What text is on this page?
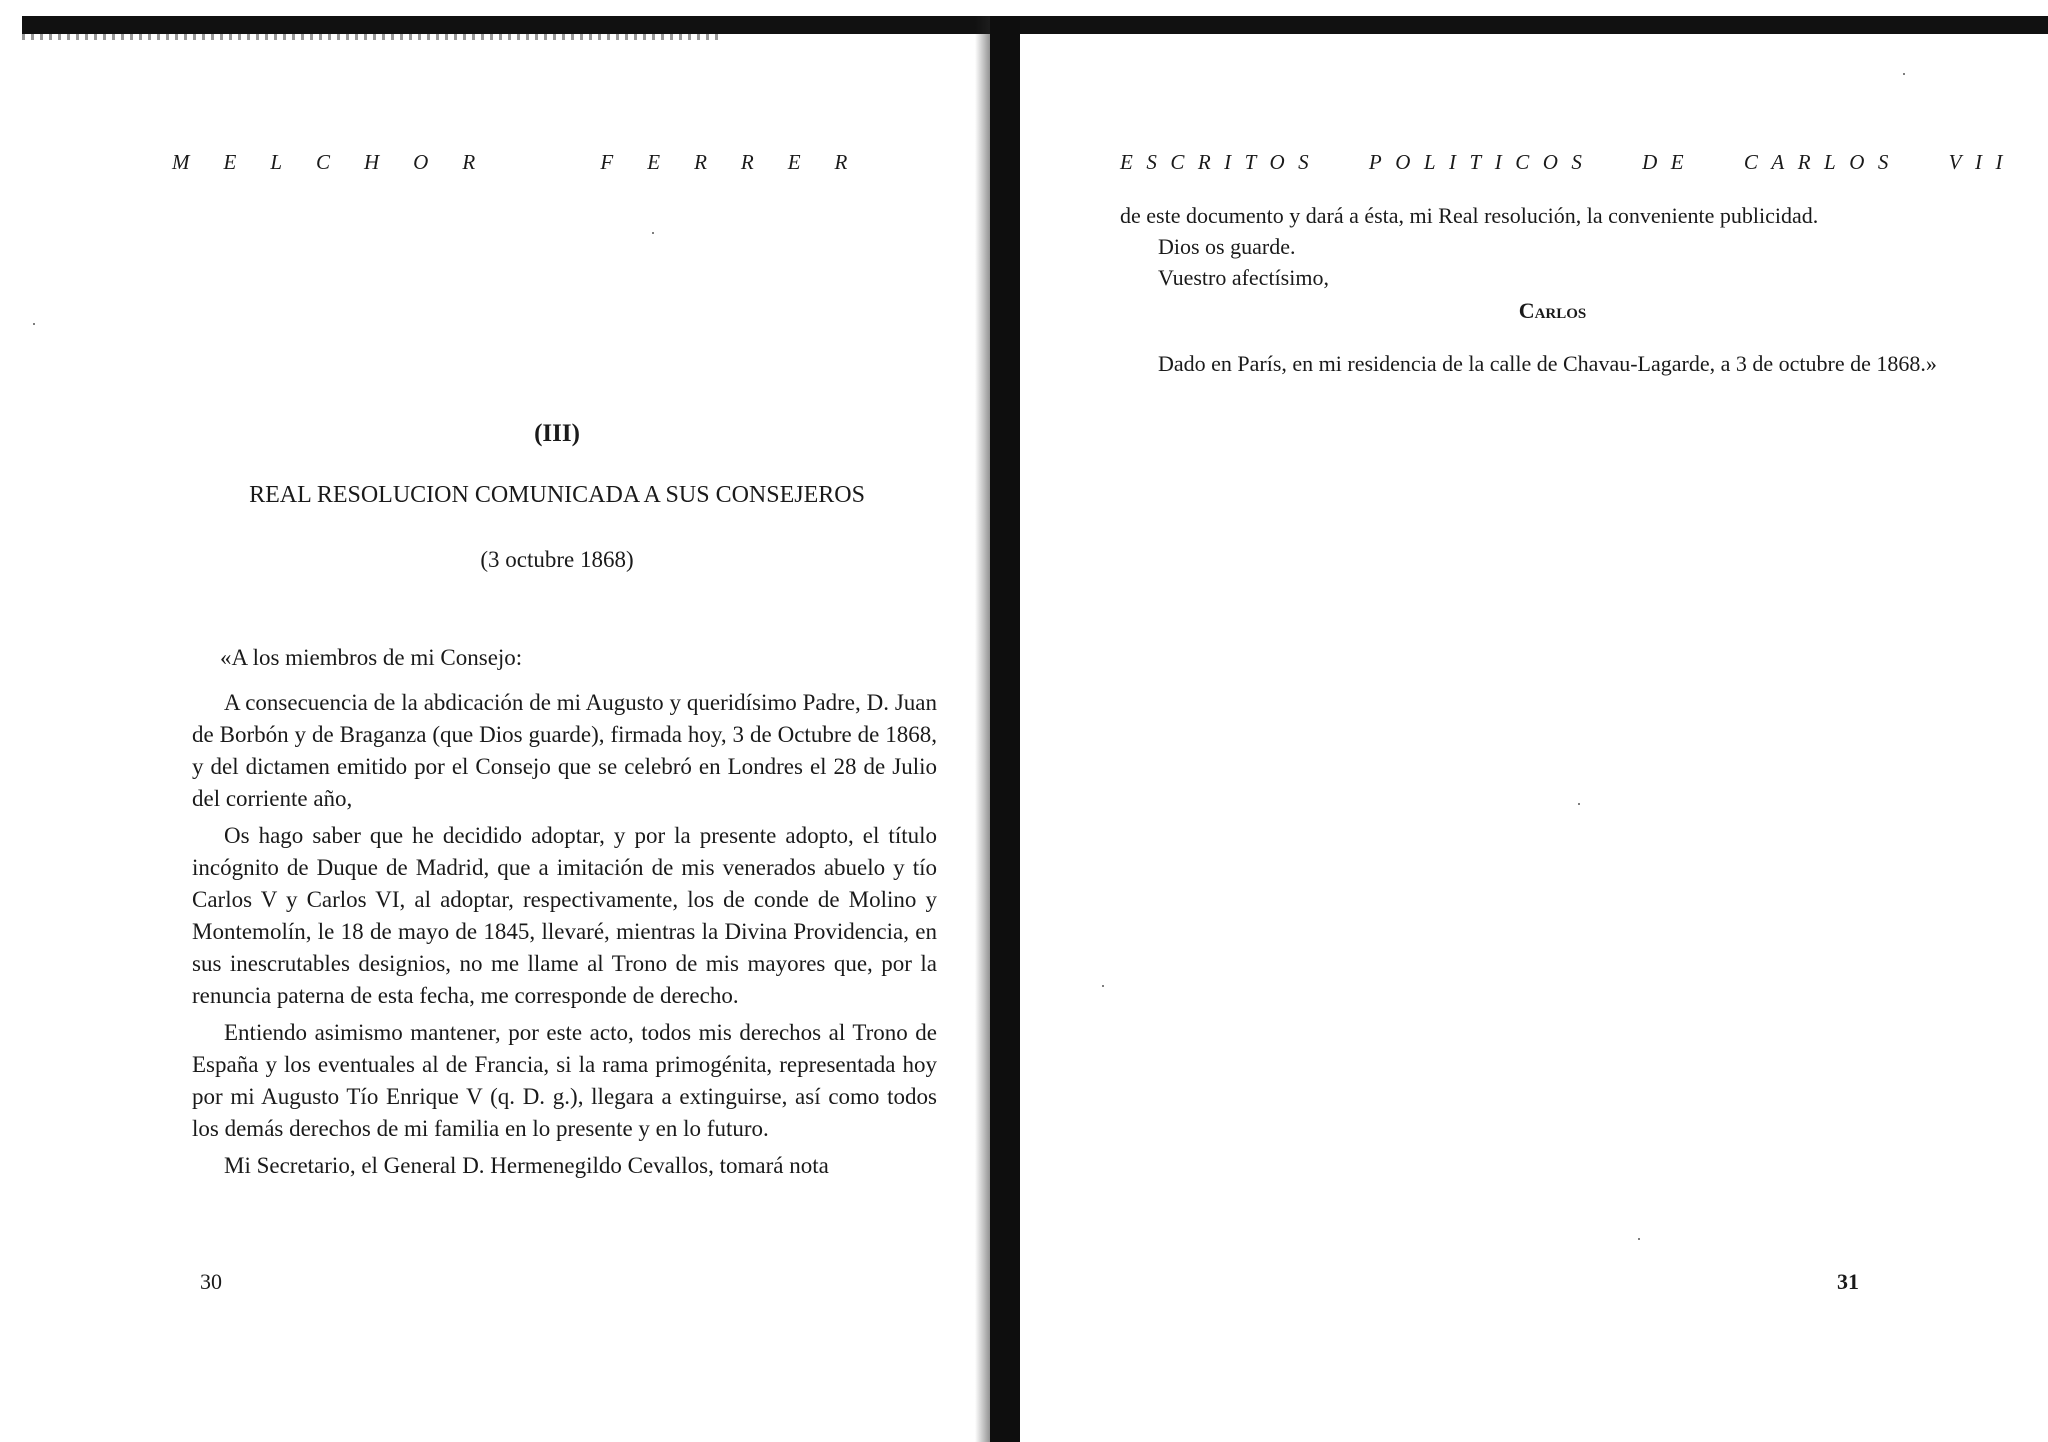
MELCHOR FERRER

(III)

REAL RESOLUCION COMUNICADA A SUS CONSEJEROS

(3 octubre 1868)

«A los miembros de mi Consejo:

A consecuencia de la abdicación de mi Augusto y queridísimo Padre, D. Juan de Borbón y de Braganza (que Dios guarde), firmada hoy, 3 de Octubre de 1868, y del dictamen emitido por el Consejo que se celebró en Londres el 28 de Julio del corriente año,

Os hago saber que he decidido adoptar, y por la presente adopto, el título incógnito de Duque de Madrid, que a imitación de mis venerados abuelo y tío Carlos V y Carlos VI, al adoptar, respectivamente, los de conde de Molino y Montemolín, le 18 de mayo de 1845, llevaré, mientras la Divina Providencia, en sus inescrutables designios, no me llame al Trono de mis mayores que, por la renuncia paterna de esta fecha, me corresponde de derecho.

Entiendo asimismo mantener, por este acto, todos mis derechos al Trono de España y los eventuales al de Francia, si la rama primogénita, representada hoy por mi Augusto Tío Enrique V (q. D. g.), llegara a extinguirse, así como todos los demás derechos de mi familia en lo presente y en lo futuro.

Mi Secretario, el General D. Hermenegildo Cevallos, tomará nota

30

ESCRITOS POLITICOS DE CARLOS VII

de este documento y dará a ésta, mi Real resolución, la conveniente publicidad.

Dios os guarde.

Vuestro afectísimo,

Carlos

Dado en París, en mi residencia de la calle de Chavau-Lagarde, a 3 de octubre de 1868.»

31
